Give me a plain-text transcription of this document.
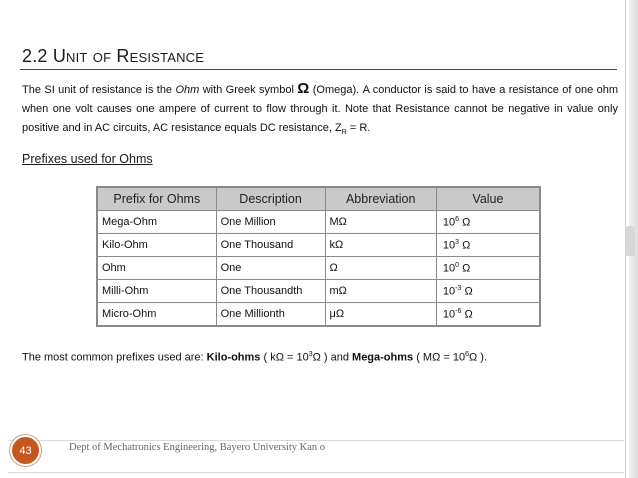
2.2 Unit of Resistance
The SI unit of resistance is the Ohm with Greek symbol Ω (Omega). A conductor is said to have a resistance of one ohm when one volt causes one ampere of current to flow through it. Note that Resistance cannot be negative in value only positive and in AC circuits, AC resistance equals DC resistance, $Z_R = R$.
Prefixes used for Ohms
Prefix for Ohms	Description	Abbreviation	Value
Mega-Ohm	One Million	MΩ	$10^6$ Ω
Kilo-Ohm	One Thousand	kΩ	$10^3$ Ω
Ohm	One	Ω	$10^0$ Ω
Milli-Ohm	One Thousandth	mΩ	$10^{-3}$ Ω
Micro-Ohm	One Millionth	μΩ	$10^{-6}$ Ω
The most common prefixes used are: Kilo-ohms ( $k\Omega = 10^3\Omega$ ) and Mega-ohms ( $M\Omega = 10^6\Omega$ ).
43	Dept of Mechatronics Engineering, Bayero University Kan o
